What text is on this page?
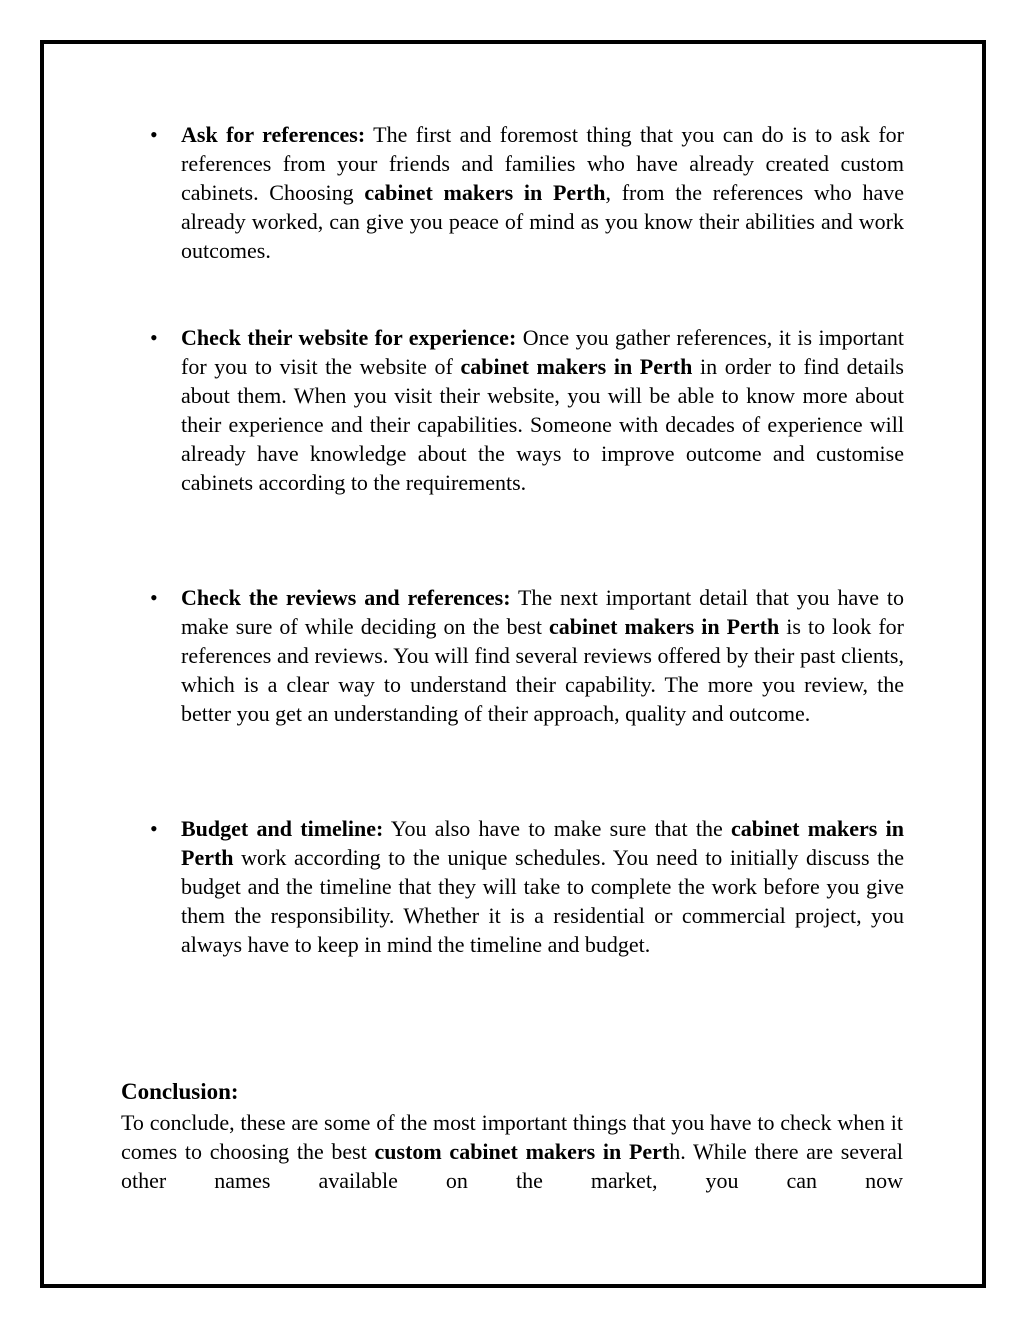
•	Ask for references: The first and foremost thing that you can do is to ask for references from your friends and families who have already created custom cabinets. Choosing cabinet makers in Perth, from the references who have already worked, can give you peace of mind as you know their abilities and work outcomes.

•	Check their website for experience: Once you gather references, it is important for you to visit the website of cabinet makers in Perth in order to find details about them. When you visit their website, you will be able to know more about their experience and their capabilities. Someone with decades of experience will already have knowledge about the ways to improve outcome and customise cabinets according to the requirements.

•	Check the reviews and references: The next important detail that you have to make sure of while deciding on the best cabinet makers in Perth is to look for references and reviews. You will find several reviews offered by their past clients, which is a clear way to understand their capability. The more you review, the better you get an understanding of their approach, quality and outcome.

•	Budget and timeline: You also have to make sure that the cabinet makers in Perth work according to the unique schedules. You need to initially discuss the budget and the timeline that they will take to complete the work before you give them the responsibility. Whether it is a residential or commercial project, you always have to keep in mind the timeline and budget.

Conclusion:

To conclude, these are some of the most important things that you have to check when it comes to choosing the best custom cabinet makers in Perth. While there are several other names available on the market, you can now
